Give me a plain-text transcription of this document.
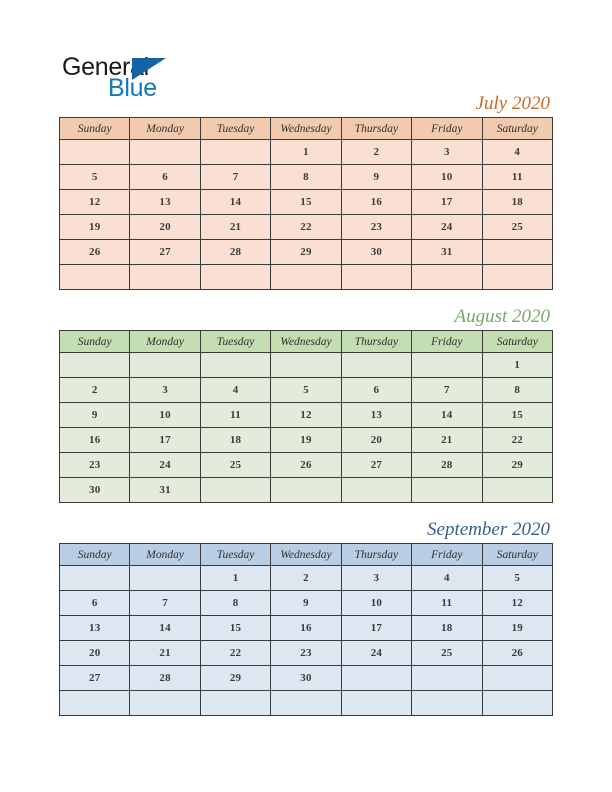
General
Blue
July 2020
Sunday	Monday	Tuesday	Wednesday	Thursday	Friday	Saturday
			1	2	3	4
5	6	7	8	9	10	11
12	13	14	15	16	17	18
19	20	21	22	23	24	25
26	27	28	29	30	31	

August 2020
Sunday	Monday	Tuesday	Wednesday	Thursday	Friday	Saturday
						1
2	3	4	5	6	7	8
9	10	11	12	13	14	15
16	17	18	19	20	21	22
23	24	25	26	27	28	29
30	31					
September 2020
Sunday	Monday	Tuesday	Wednesday	Thursday	Friday	Saturday
		1	2	3	4	5
6	7	8	9	10	11	12
13	14	15	16	17	18	19
20	21	22	23	24	25	26
27	28	29	30			
